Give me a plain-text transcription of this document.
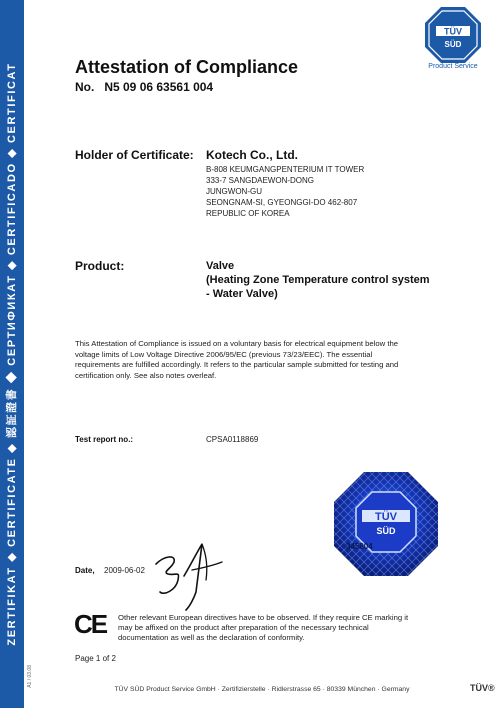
ZERTIFIKAT ◆ CERTIFICATE ◆ 認証證書 ◆ СЕРТИФИКАТ ◆ CERTIFICADO ◆ CERTIFICAT
A1 / 03.08
TÜV
SÜD
Product Service
Attestation of Compliance
No.   N5 09 06 63561 004
Holder of Certificate: Kotech Co., Ltd.
B-808 KEUMGANGPENTERIUM IT TOWER
333-7 SANGDAEWON-DONG
JUNGWON-GU
SEONGNAM-SI, GYEONGGI-DO 462-807
REPUBLIC OF KOREA
Product:	Valve
(Heating Zone Temperature control system
- Water Valve)
This Attestation of Compliance is issued on a voluntary basis for electrical equipment below the
voltage limits of Low Voltage Directive 2006/95/EC (previous 73/23/EEC). The essential
requirements are fulfilled accordingly. It refers to the particular sample submitted for testing and
certification only. See also notes overleaf.
Test report no.:	CPSA0118869
TÜV
SÜD
345804
Date, 2009-06-02
CE Other relevant European directives have to be observed. If they require CE marking it
may be affixed on the product after preparation of the necessary technical
documentation as well as the declaration of conformity.
Page 1 of 2
TÜV SÜD Product Service GmbH · Zertifizierstelle · Ridlerstrasse 65 · 80339 München · Germany	TÜV®
